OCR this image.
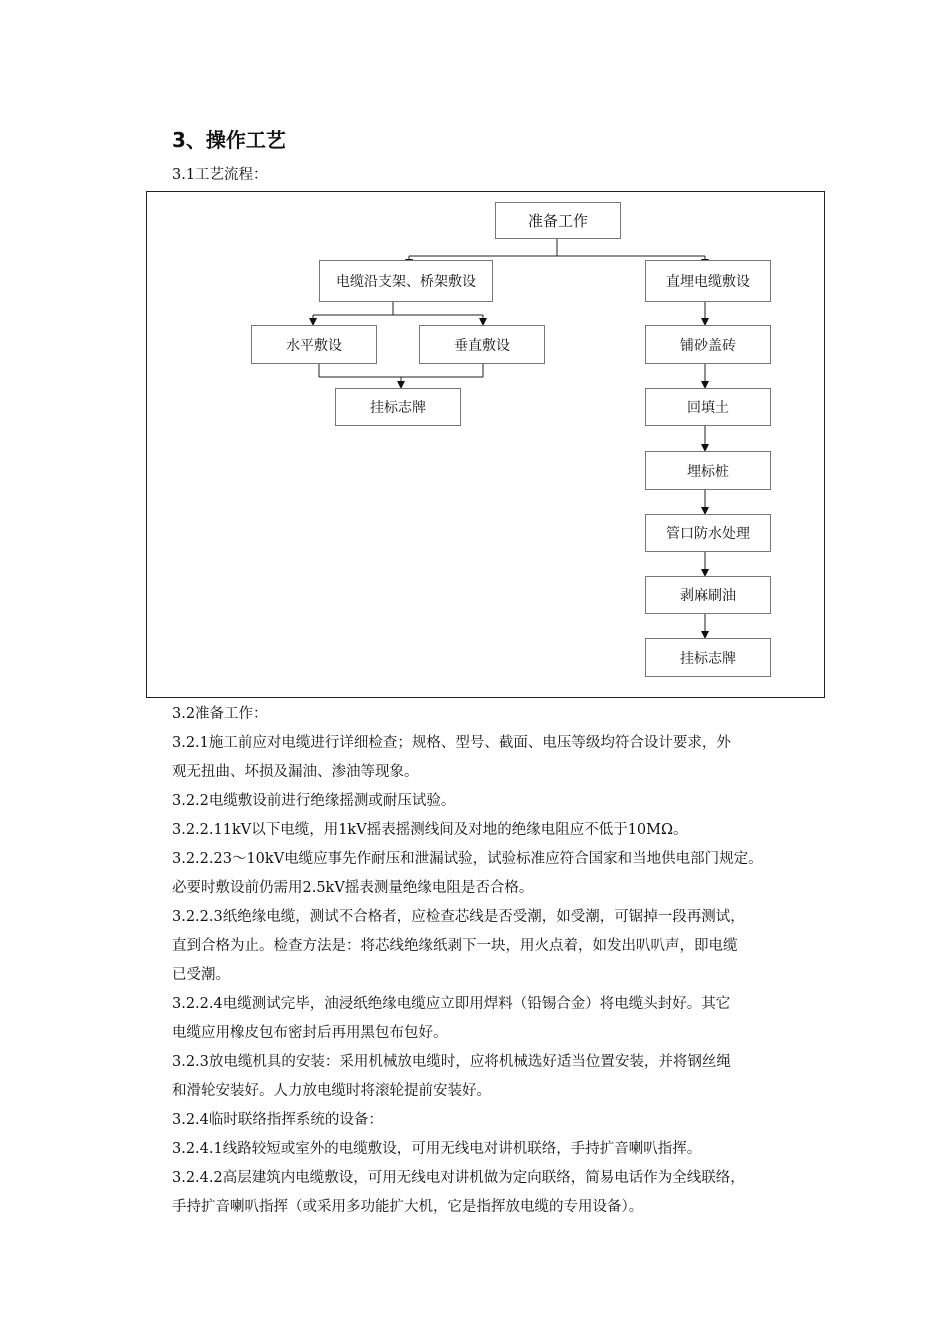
3、操作工艺
3.1工艺流程：
准备工作
电缆沿支架、桥架敷设	直埋电缆敷设
水平敷设	垂直敷设
挂标志牌
铺砂盖砖
回填土
埋标桩
管口防水处理
剥麻刷油
挂标志牌

3.2准备工作：

3.2.1施工前应对电缆进行详细检查；规格、型号、截面、电压等级均符合设计要求，外

观无扭曲、坏损及漏油、渗油等现象。

3.2.2电缆敷设前进行绝缘摇测或耐压试验。

3.2.2.11kV以下电缆，用1kV摇表摇测线间及对地的绝缘电阻应不低于10MΩ。

3.2.2.23～10kV电缆应事先作耐压和泄漏试验，试验标准应符合国家和当地供电部门规定。

必要时敷设前仍需用2.5kV摇表测量绝缘电阻是否合格。

3.2.2.3纸绝缘电缆，测试不合格者，应检查芯线是否受潮，如受潮，可锯掉一段再测试，

直到合格为止。检查方法是：将芯线绝缘纸剥下一块，用火点着，如发出叭叭声，即电缆

已受潮。

3.2.2.4电缆测试完毕，油浸纸绝缘电缆应立即用焊料（铅锡合金）将电缆头封好。其它

电缆应用橡皮包布密封后再用黑包布包好。

3.2.3放电缆机具的安装：采用机械放电缆时，应将机械选好适当位置安装，并将钢丝绳

和滑轮安装好。人力放电缆时将滚轮提前安装好。

3.2.4临时联络指挥系统的设备：

3.2.4.1线路较短或室外的电缆敷设，可用无线电对讲机联络，手持扩音喇叭指挥。

3.2.4.2高层建筑内电缆敷设，可用无线电对讲机做为定向联络，简易电话作为全线联络，

手持扩音喇叭指挥（或采用多功能扩大机，它是指挥放电缆的专用设备）。
